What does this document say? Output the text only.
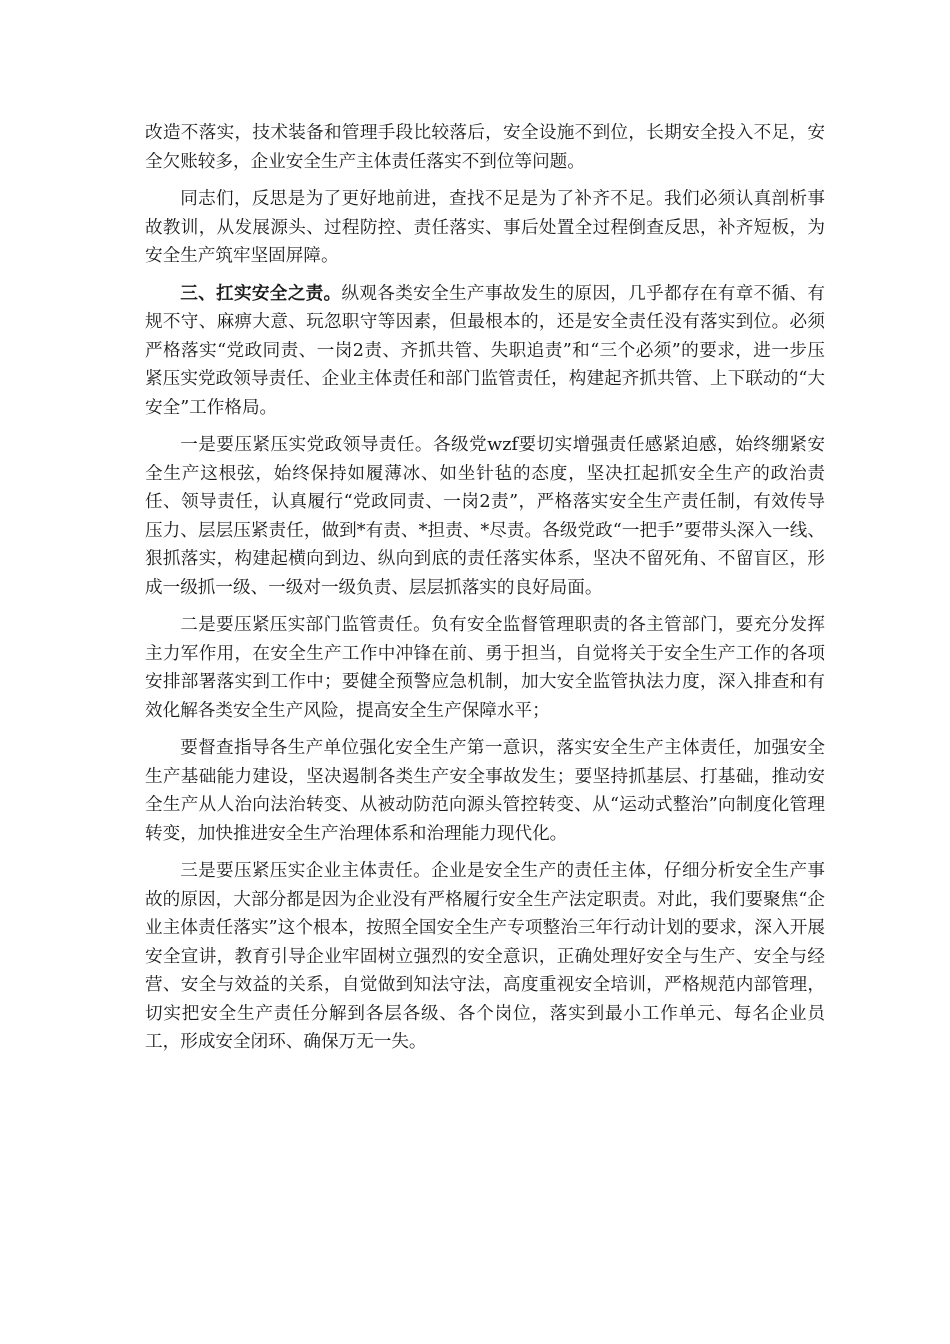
改造不落实，技术装备和管理手段比较落后，安全设施不到位，长期安全投入不足，安全欠账较多，企业安全生产主体责任落实不到位等问题。

同志们，反思是为了更好地前进，查找不足是为了补齐不足。我们必须认真剖析事故教训，从发展源头、过程防控、责任落实、事后处置全过程倒查反思，补齐短板，为安全生产筑牢坚固屏障。

三、扛实安全之责。纵观各类安全生产事故发生的原因，几乎都存在有章不循、有规不守、麻痹大意、玩忽职守等因素，但最根本的，还是安全责任没有落实到位。必须严格落实“党政同责、一岗2责、齐抓共管、失职追责”和“三个必须”的要求，进一步压紧压实党政领导责任、企业主体责任和部门监管责任，构建起齐抓共管、上下联动的“大安全”工作格局。

一是要压紧压实党政领导责任。各级党wzf要切实增强责任感紧迫感，始终绷紧安全生产这根弦，始终保持如履薄冰、如坐针毡的态度，坚决扛起抓安全生产的政治责任、领导责任，认真履行“党政同责、一岗2责”，严格落实安全生产责任制，有效传导压力、层层压紧责任，做到*有责、*担责、*尽责。各级党政“一把手”要带头深入一线、狠抓落实，构建起横向到边、纵向到底的责任落实体系，坚决不留死角、不留盲区，形成一级抓一级、一级对一级负责、层层抓落实的良好局面。

二是要压紧压实部门监管责任。负有安全监督管理职责的各主管部门，要充分发挥主力军作用，在安全生产工作中冲锋在前、勇于担当，自觉将关于安全生产工作的各项安排部署落实到工作中；要健全预警应急机制，加大安全监管执法力度，深入排查和有效化解各类安全生产风险，提高安全生产保障水平；

要督查指导各生产单位强化安全生产第一意识，落实安全生产主体责任，加强安全生产基础能力建设，坚决遏制各类生产安全事故发生；要坚持抓基层、打基础，推动安全生产从人治向法治转变、从被动防范向源头管控转变、从“运动式整治”向制度化管理转变，加快推进安全生产治理体系和治理能力现代化。

三是要压紧压实企业主体责任。企业是安全生产的责任主体，仔细分析安全生产事故的原因，大部分都是因为企业没有严格履行安全生产法定职责。对此，我们要聚焦“企业主体责任落实”这个根本，按照全国安全生产专项整治三年行动计划的要求，深入开展安全宣讲，教育引导企业牢固树立强烈的安全意识，正确处理好安全与生产、安全与经营、安全与效益的关系，自觉做到知法守法，高度重视安全培训，严格规范内部管理，切实把安全生产责任分解到各层各级、各个岗位，落实到最小工作单元、每名企业员工，形成安全闭环、确保万无一失。
